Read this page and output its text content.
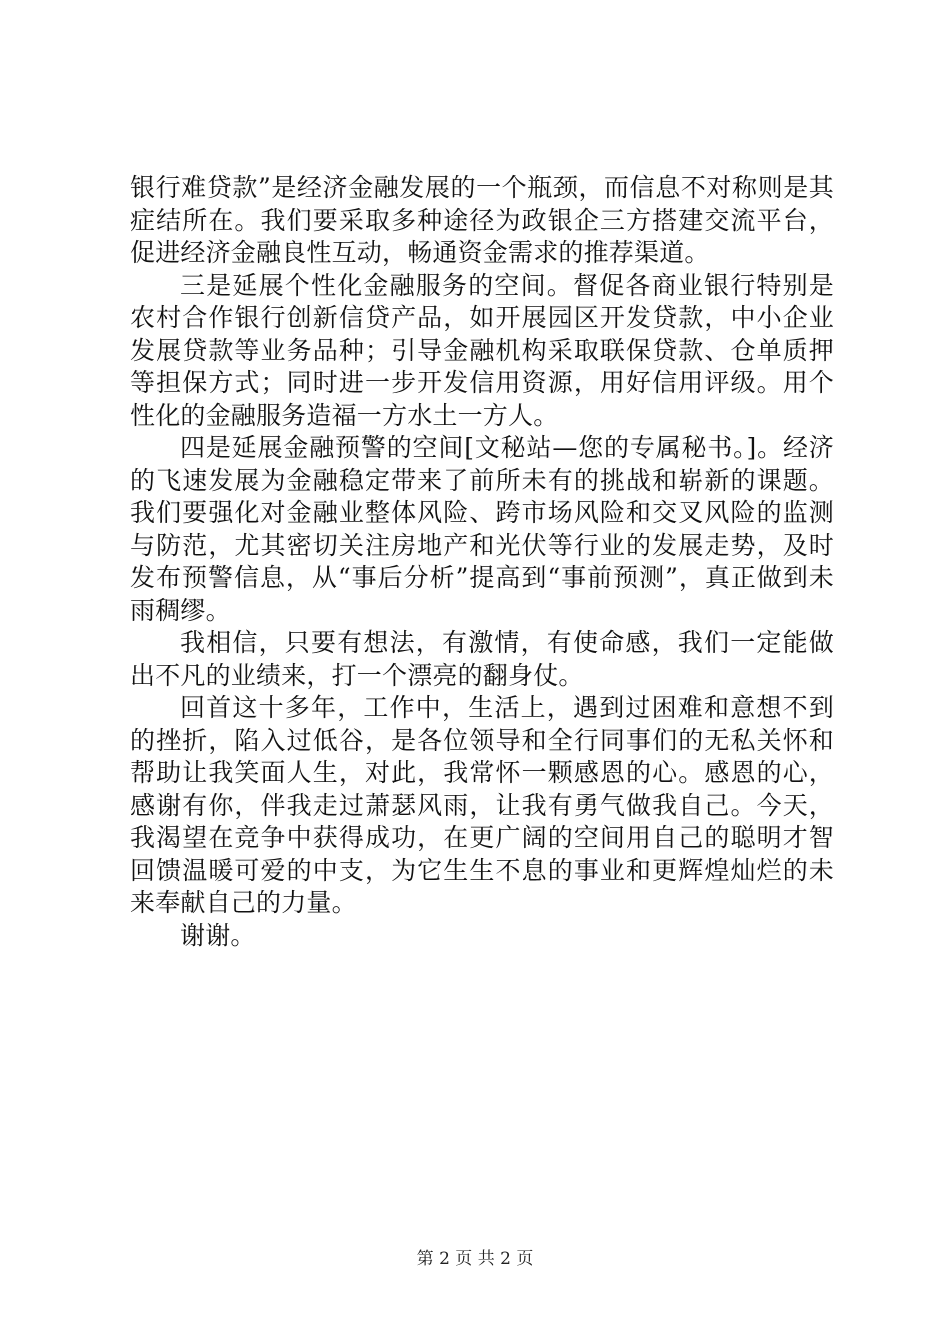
银行难贷款”是经济金融发展的一个瓶颈，而信息不对称则是其症结所在。我们要采取多种途径为政银企三方搭建交流平台，促进经济金融良性互动，畅通资金需求的推荐渠道。

三是延展个性化金融服务的空间。督促各商业银行特别是农村合作银行创新信贷产品，如开展园区开发贷款，中小企业发展贷款等业务品种；引导金融机构采取联保贷款、仓单质押等担保方式；同时进一步开发信用资源，用好信用评级。用个性化的金融服务造福一方水土一方人。

四是延展金融预警的空间[文秘站—您的专属秘书。]。经济的飞速发展为金融稳定带来了前所未有的挑战和崭新的课题。我们要强化对金融业整体风险、跨市场风险和交叉风险的监测与防范，尤其密切关注房地产和光伏等行业的发展走势，及时发布预警信息，从“事后分析”提高到“事前预测”，真正做到未雨稠缪。

我相信，只要有想法，有激情，有使命感，我们一定能做出不凡的业绩来，打一个漂亮的翻身仗。

回首这十多年，工作中，生活上，遇到过困难和意想不到的挫折，陷入过低谷，是各位领导和全行同事们的无私关怀和帮助让我笑面人生，对此，我常怀一颗感恩的心。感恩的心，感谢有你，伴我走过萧瑟风雨，让我有勇气做我自己。今天，我渴望在竞争中获得成功，在更广阔的空间用自己的聪明才智回馈温暖可爱的中支，为它生生不息的事业和更辉煌灿烂的未来奉献自己的力量。

谢谢。

第 2 页 共 2 页
